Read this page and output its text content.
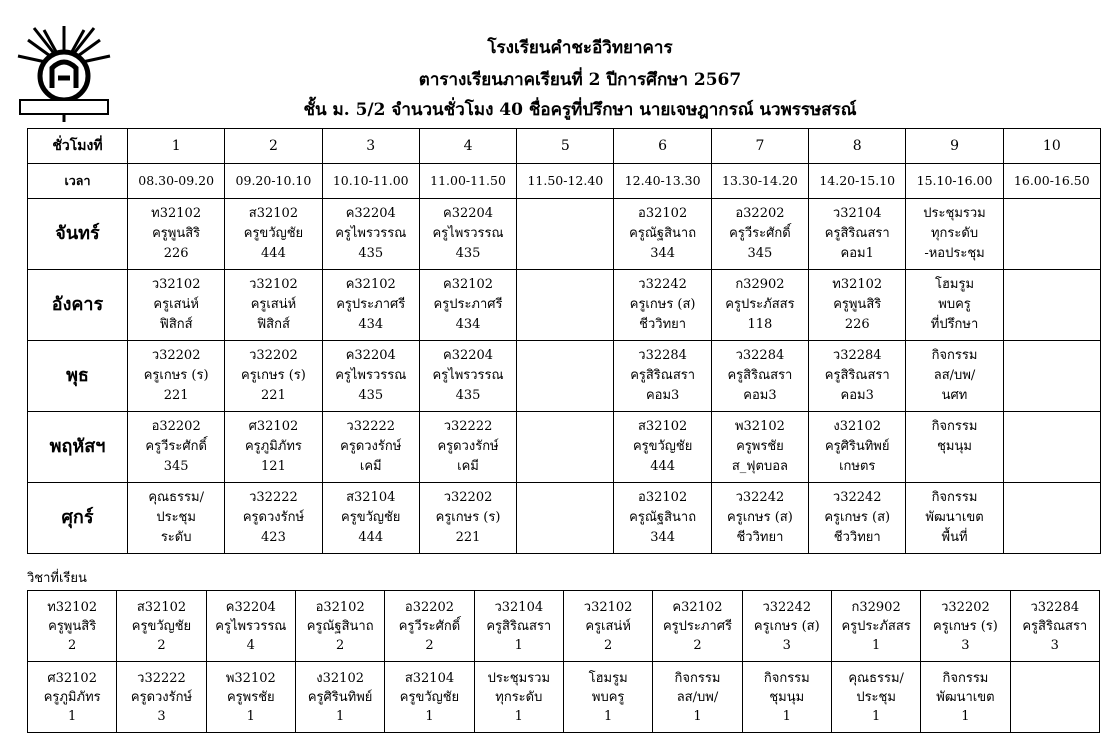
โรงเรียนคำชะอีวิทยาคาร
ตารางเรียนภาคเรียนที่ 2 ปีการศึกษา 2567
ชั้น ม. 5/2 จำนวนชั่วโมง 40 ชื่อครูที่ปรึกษา นายเจษฎากรณ์ นวพรรษสรณ์
ชั่วโมงที่	1	2	3	4	5	6	7	8	9	10
เวลา	08.30-09.20	09.20-10.10	10.10-11.00	11.00-11.50	11.50-12.40	12.40-13.30	13.30-14.20	14.20-15.10	15.10-16.00	16.00-16.50
จันทร์	ท32102
ครูพูนสิริ
226	ส32102
ครูขวัญชัย
444	ค32204
ครูไพรวรรณ
435	ค32204
ครูไพรวรรณ
435		อ32102
ครูณัฐสินาถ
344	อ32202
ครูวีระศักดิ์
345	ว32104
ครูสิริณสรา
คอม1	ประชุมรวม
ทุกระดับ
-หอประชุม	

อังคาร	ว32102
ครูเสน่ห์
ฟิสิกส์	ว32102
ครูเสน่ห์
ฟิสิกส์	ค32102
ครูประภาศรี
434	ค32102
ครูประภาศรี
434		ว32242
ครูเกษร (ส)
ชีววิทยา	ก32902
ครูประภัสสร
118	ท32102
ครูพูนสิริ
226	โฮมรูม
พบครู
ที่ปรึกษา	

พุธ	ว32202
ครูเกษร (ร)
221	ว32202
ครูเกษร (ร)
221	ค32204
ครูไพรวรรณ
435	ค32204
ครูไพรวรรณ
435		ว32284
ครูสิริณสรา
คอม3	ว32284
ครูสิริณสรา
คอม3	ว32284
ครูสิริณสรา
คอม3	กิจกรรม
ลส/บพ/
นศท	

พฤหัสฯ	อ32202
ครูวีระศักดิ์
345	ศ32102
ครูภูมิภัทร
121	ว32222
ครูดวงรักษ์
เคมี	ว32222
ครูดวงรักษ์
เคมี		ส32102
ครูขวัญชัย
444	พ32102
ครูพรชัย
ส_ฟุตบอล	ง32102
ครูศิรินทิพย์
เกษตร	กิจกรรม
ชุมนุม	

ศุกร์	คุณธรรม/
ประชุม
ระดับ	ว32222
ครูดวงรักษ์
423	ส32104
ครูขวัญชัย
444	ว32202
ครูเกษร (ร)
221		อ32102
ครูณัฐสินาถ
344	ว32242
ครูเกษร (ส)
ชีววิทยา	ว32242
ครูเกษร (ส)
ชีววิทยา	กิจกรรม
พัฒนาเขต
พื้นที่	

วิชาที่เรียน
ท32102
ครูพูนสิริ
2	ส32102
ครูขวัญชัย
2	ค32204
ครูไพรวรรณ
4	อ32102
ครูณัฐสินาถ
2	อ32202
ครูวีระศักดิ์
2	ว32104
ครูสิริณสรา
1	ว32102
ครูเสน่ห์
2	ค32102
ครูประภาศรี
2	ว32242
ครูเกษร (ส)
3	ก32902
ครูประภัสสร
1	ว32202
ครูเกษร (ร)
3	ว32284
ครูสิริณสรา
3

ศ32102
ครูภูมิภัทร
1	ว32222
ครูดวงรักษ์
3	พ32102
ครูพรชัย
1	ง32102
ครูศิรินทิพย์
1	ส32104
ครูขวัญชัย
1	ประชุมรวม
ทุกระดับ
1	โฮมรูม
พบครู
1	กิจกรรม
ลส/บพ/
1	กิจกรรม
ชุมนุม
1	คุณธรรม/
ประชุม
1	กิจกรรม
พัฒนาเขต
1	
